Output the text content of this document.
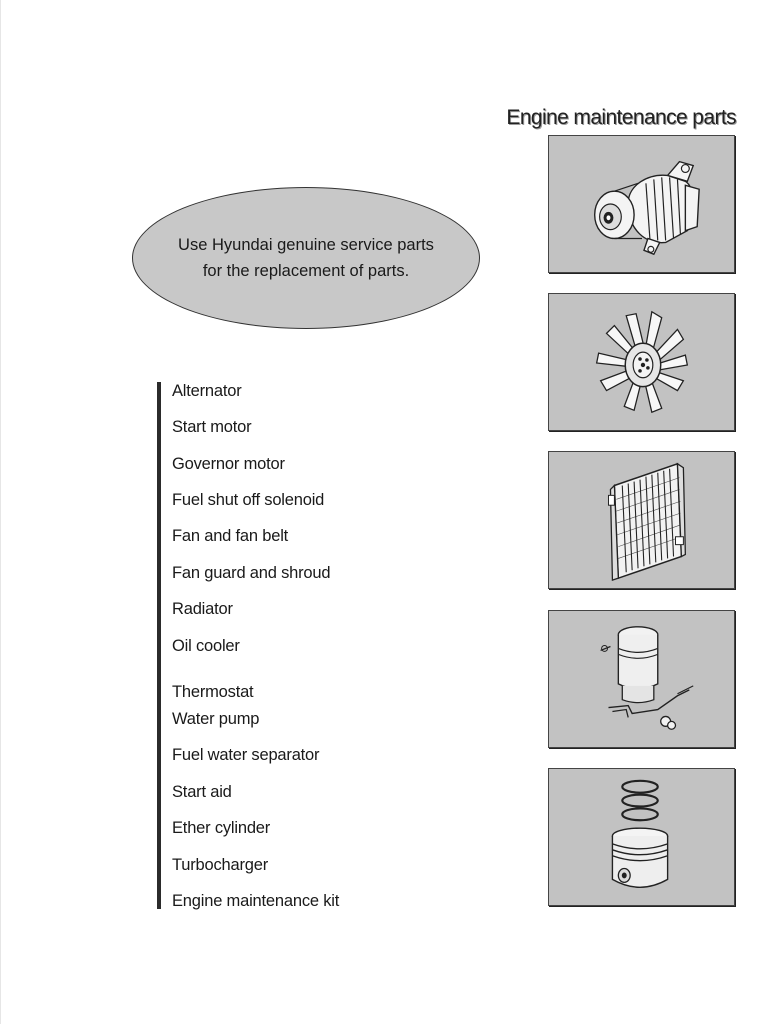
Engine maintenance parts
Use Hyundai genuine service parts
for the replacement of parts.
Alternator
Start motor
Governor motor
Fuel shut off solenoid
Fan and fan belt
Fan guard and shroud
Radiator
Oil cooler
Thermostat
Water pump
Fuel water separator
Start aid
Ether cylinder
Turbocharger
Engine maintenance kit
